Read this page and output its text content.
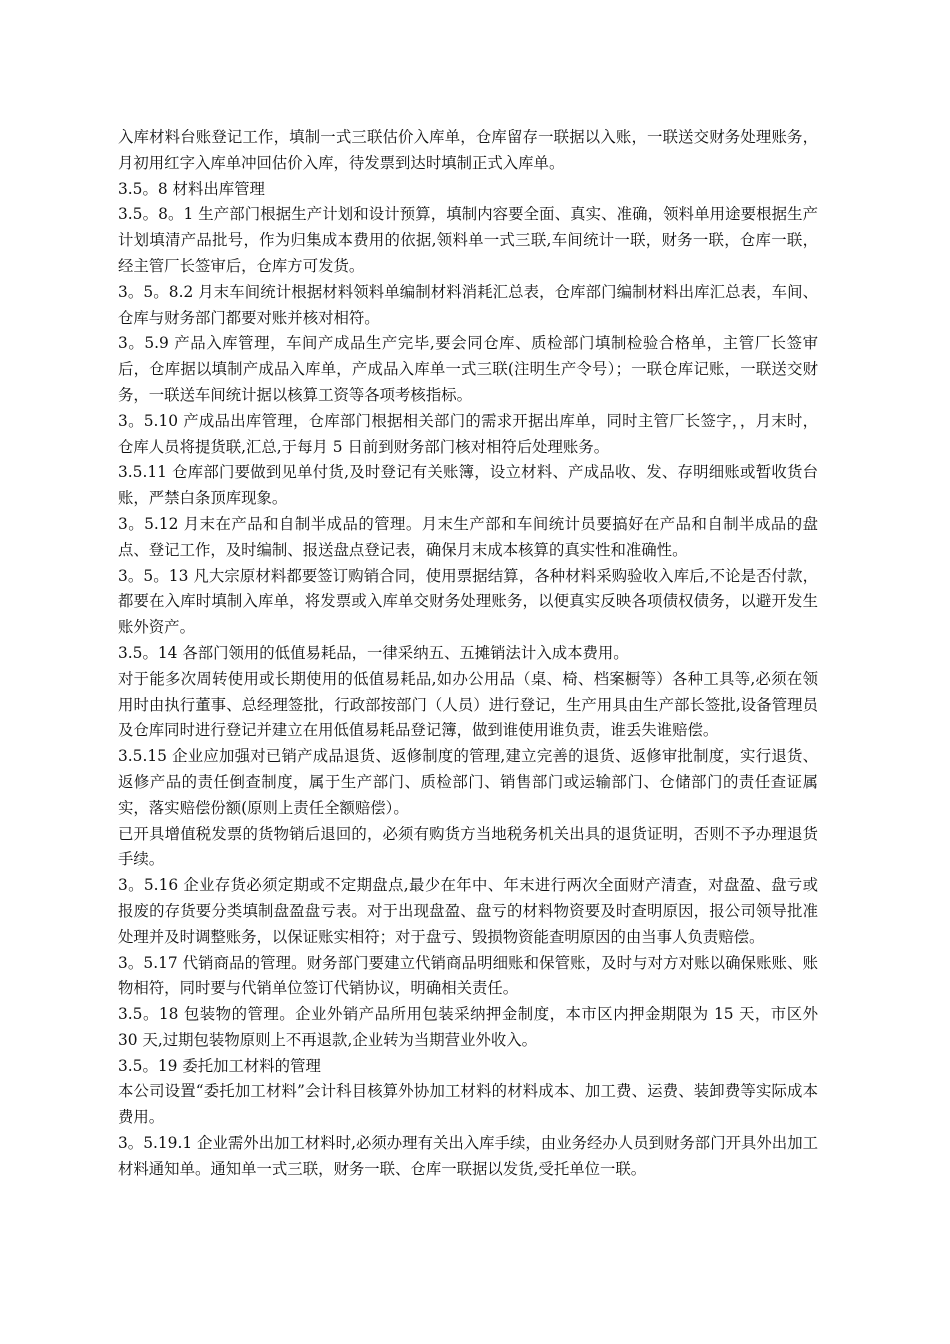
入库材料台账登记工作，填制一式三联估价入库单，仓库留存一联据以入账，一联送交财务处理账务，月初用红字入库单冲回估价入库，待发票到达时填制正式入库单。

3.5。8 材料出库管理

3.5。8。1 生产部门根据生产计划和设计预算，填制内容要全面、真实、准确，领料单用途要根据生产计划填清产品批号，作为归集成本费用的依据,领料单一式三联,车间统计一联，财务一联，仓库一联，经主管厂长签审后，仓库方可发货。

3。5。8.2 月末车间统计根据材料领料单编制材料消耗汇总表，仓库部门编制材料出库汇总表，车间、仓库与财务部门都要对账并核对相符。

3。5.9 产品入库管理，车间产成品生产完毕,要会同仓库、质检部门填制检验合格单，主管厂长签审后，仓库据以填制产成品入库单，产成品入库单一式三联(注明生产令号）；一联仓库记账，一联送交财务，一联送车间统计据以核算工资等各项考核指标。

3。5.10 产成品出库管理，仓库部门根据相关部门的需求开据出库单，同时主管厂长签字，，月末时，仓库人员将提货联,汇总,于每月 5 日前到财务部门核对相符后处理账务。

3.5.11 仓库部门要做到见单付货,及时登记有关账簿，设立材料、产成品收、发、存明细账或暂收货台账，严禁白条顶库现象。

3。5.12 月末在产品和自制半成品的管理。月末生产部和车间统计员要搞好在产品和自制半成品的盘点、登记工作，及时编制、报送盘点登记表，确保月末成本核算的真实性和准确性。

3。5。13 凡大宗原材料都要签订购销合同，使用票据结算，各种材料采购验收入库后,不论是否付款，都要在入库时填制入库单，将发票或入库单交财务处理账务，以便真实反映各项债权债务，以避开发生账外资产。

3.5。14 各部门领用的低值易耗品，一律采纳五、五摊销法计入成本费用。

对于能多次周转使用或长期使用的低值易耗品,如办公用品（桌、椅、档案橱等）各种工具等,必须在领用时由执行董事、总经理签批，行政部按部门（人员）进行登记，生产用具由生产部长签批,设备管理员及仓库同时进行登记并建立在用低值易耗品登记簿，做到谁使用谁负责，谁丢失谁赔偿。

3.5.15 企业应加强对已销产成品退货、返修制度的管理,建立完善的退货、返修审批制度，实行退货、返修产品的责任倒查制度，属于生产部门、质检部门、销售部门或运输部门、仓储部门的责任查证属实，落实赔偿份额(原则上责任全额赔偿）。

已开具增值税发票的货物销后退回的，必须有购货方当地税务机关出具的退货证明，否则不予办理退货手续。

3。5.16 企业存货必须定期或不定期盘点,最少在年中、年末进行两次全面财产清查，对盘盈、盘亏或报废的存货要分类填制盘盈盘亏表。对于出现盘盈、盘亏的材料物资要及时查明原因，报公司领导批准处理并及时调整账务，以保证账实相符；对于盘亏、毁损物资能查明原因的由当事人负责赔偿。

3。5.17 代销商品的管理。财务部门要建立代销商品明细账和保管账，及时与对方对账以确保账账、账物相符，同时要与代销单位签订代销协议，明确相关责任。

3.5。18 包装物的管理。企业外销产品所用包装采纳押金制度，本市区内押金期限为 15 天，市区外 30 天,过期包装物原则上不再退款,企业转为当期营业外收入。

3.5。19 委托加工材料的管理

本公司设置“委托加工材料”会计科目核算外协加工材料的材料成本、加工费、运费、装卸费等实际成本费用。

3。5.19.1 企业需外出加工材料时,必须办理有关出入库手续，由业务经办人员到财务部门开具外出加工材料通知单。通知单一式三联，财务一联、仓库一联据以发货,受托单位一联。
